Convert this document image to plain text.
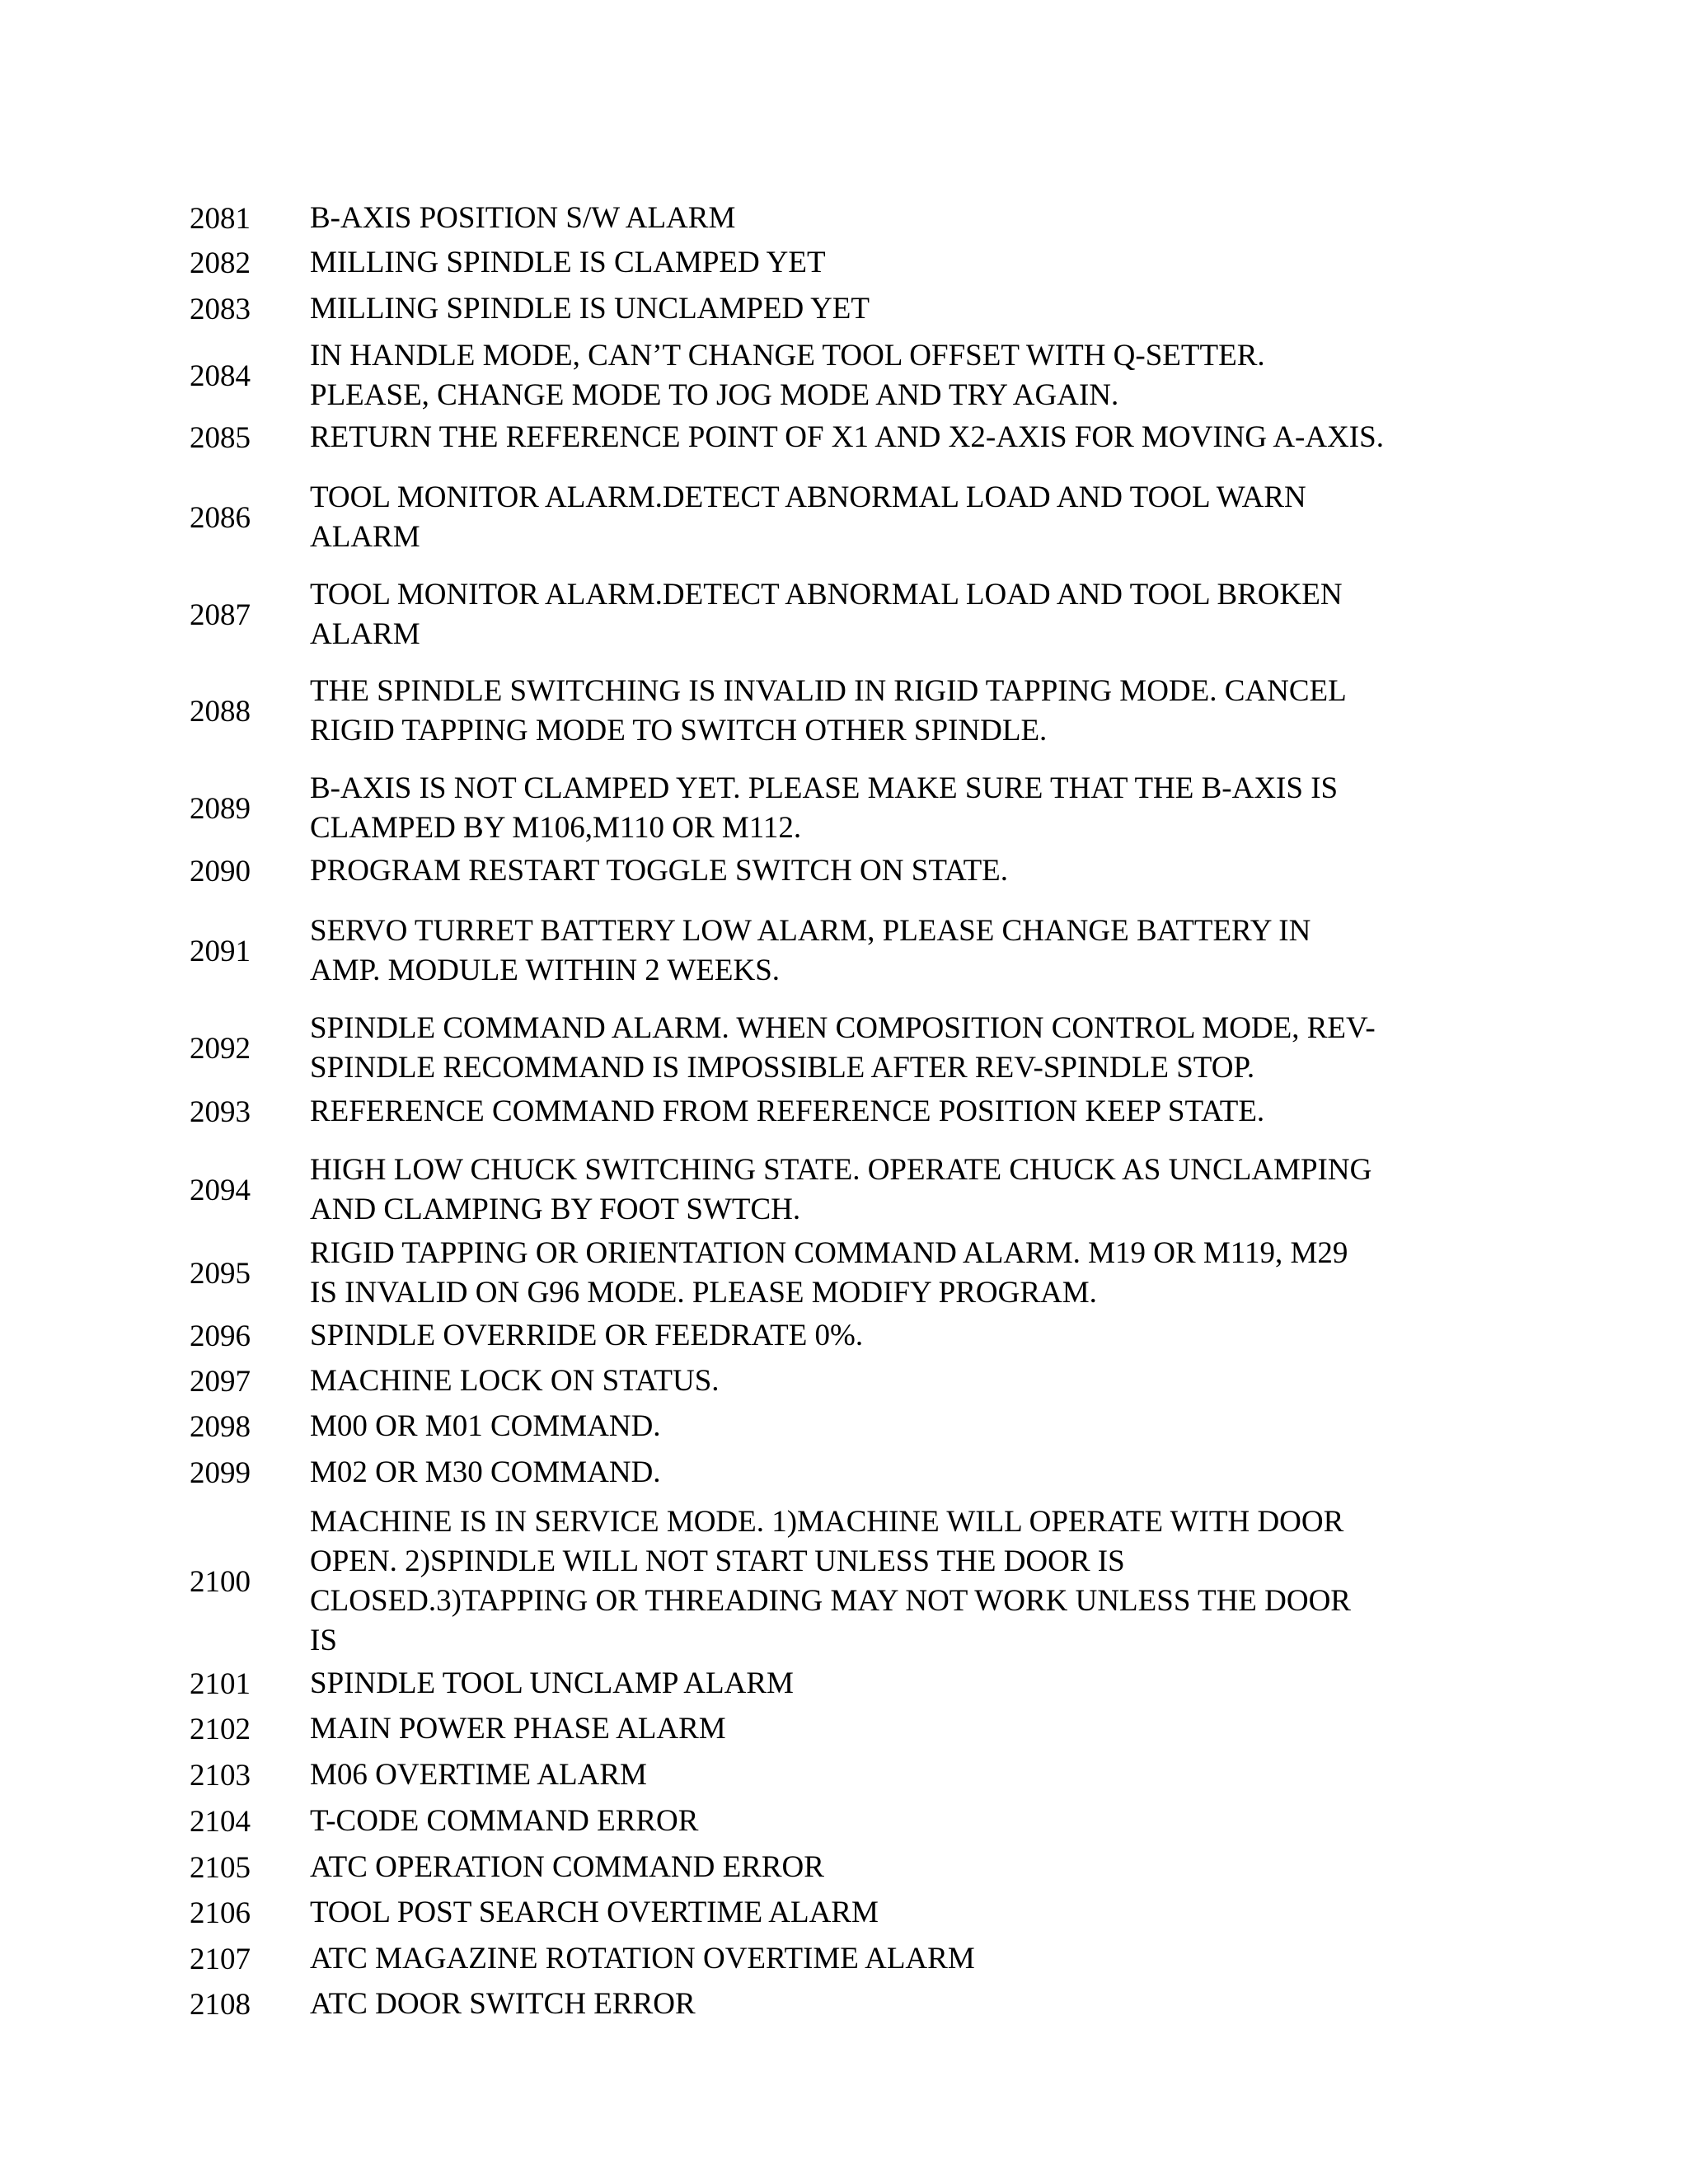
2081	B-AXIS POSITION S/W ALARM
2082	MILLING SPINDLE IS CLAMPED YET
2083	MILLING SPINDLE IS UNCLAMPED YET
2084
IN HANDLE MODE, CAN’T CHANGE TOOL OFFSET WITH Q-SETTER.
PLEASE, CHANGE MODE TO JOG MODE AND TRY AGAIN.
2085	RETURN THE REFERENCE POINT OF X1 AND X2-AXIS FOR MOVING A-AXIS.
2086
TOOL MONITOR ALARM.DETECT ABNORMAL LOAD AND TOOL WARN
ALARM
2087
TOOL MONITOR ALARM.DETECT ABNORMAL LOAD AND TOOL BROKEN
ALARM
2088
THE SPINDLE SWITCHING IS INVALID IN RIGID TAPPING MODE. CANCEL
RIGID TAPPING MODE TO SWITCH OTHER SPINDLE.
2089
B-AXIS IS NOT CLAMPED YET. PLEASE MAKE SURE THAT THE B-AXIS IS
CLAMPED BY M106,M110 OR M112.
2090	PROGRAM RESTART TOGGLE SWITCH ON STATE.
2091
SERVO TURRET BATTERY LOW ALARM, PLEASE CHANGE BATTERY IN
AMP. MODULE WITHIN 2 WEEKS.
2092
SPINDLE COMMAND ALARM. WHEN COMPOSITION CONTROL MODE, REV-
SPINDLE RECOMMAND IS IMPOSSIBLE AFTER REV-SPINDLE STOP.
2093	REFERENCE COMMAND FROM REFERENCE POSITION KEEP STATE.
2094
HIGH LOW CHUCK SWITCHING STATE. OPERATE CHUCK AS UNCLAMPING
AND CLAMPING BY FOOT SWTCH.
2095
RIGID TAPPING OR ORIENTATION COMMAND ALARM. M19 OR M119, M29
IS INVALID ON G96 MODE. PLEASE MODIFY PROGRAM.
2096	SPINDLE OVERRIDE OR FEEDRATE 0%.
2097	MACHINE LOCK ON STATUS.
2098	M00 OR M01 COMMAND.
2099	M02 OR M30 COMMAND.
2100
MACHINE IS IN SERVICE MODE. 1)MACHINE WILL OPERATE WITH DOOR
OPEN. 2)SPINDLE WILL NOT START UNLESS THE DOOR IS
CLOSED.3)TAPPING OR THREADING MAY NOT WORK UNLESS THE DOOR
IS
2101	SPINDLE TOOL UNCLAMP ALARM
2102	MAIN POWER PHASE ALARM
2103	M06 OVERTIME ALARM
2104	T-CODE COMMAND ERROR
2105	ATC OPERATION COMMAND ERROR
2106	TOOL POST SEARCH OVERTIME ALARM
2107	ATC MAGAZINE ROTATION OVERTIME ALARM
2108	ATC DOOR SWITCH ERROR
